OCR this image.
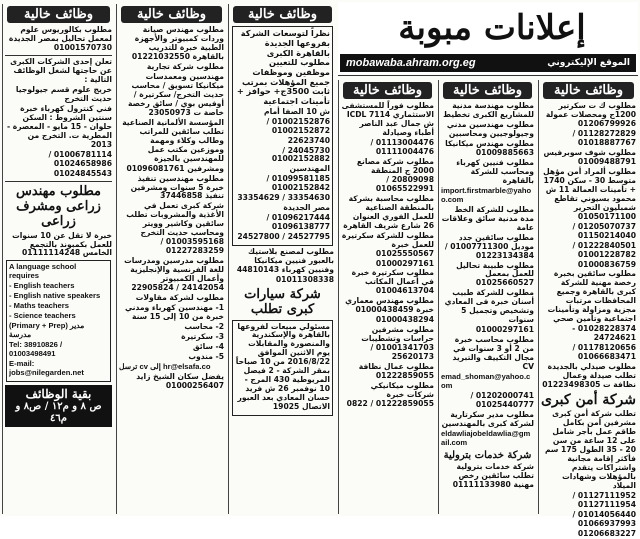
وظائف خالية

مطلوب بكالوريوس علوم لمعمل تحاليل بمصر الجديدة 01001570730

تعلن إحدى الشركات الكبرى عن حاجتها لشغل الوظائف التالية :

خريج علوم قسم جيولوجيا حديث التخرج

فني كنترول كهرباء خبرة سنتين الشروط : السكن حلوان - 15 مايو - المعصرة - المطرية ت. التخرج من 2013

01006781114 / 01024658986

01024845543

مطلوب مهندس زراعى ومشرف زراعى

خبرة لا تقل عن 10 سنوات للعمل بكمبوند بالتجمع الخامس 01111114248

A language school requires

- English teachers

- English native speakers

- Maths teachers

- Science teachers

(Primary + Prep) مدير مدرسة

Tel: 38910826 / 01003498491

E-mail: jobs@nilegarden.net

بقية الوظائف
ص ٨ و م١٢ / ص٨ و م٤٦
وظائف خالية

مطلوب مهندس صيانة وردات كمبيوتر والأجهزة الطبية خبرة للتدريب بالقاهرة 01221032550

مطلوب شركة تجارية

مهندسين ومعمدسات ميكانيكا تسويق / محاسب حديث التخرج/ سكرتيرة / أوفيس بوي / سائق رخصة خاصة ت 23050973

المؤسسة الألمانية الصناعية تطلب سائقين للمراتب وطالب وكلاء ومهمة وموزعين مكتب عمل للمهندسين بالجيزة

ومشرفين 01096081761

مطلوب مهندسين تنفيذ خبرة 5 سنوات ومشرفين تنفيذ 37446858

شركة كبرى تعمل في الأغذية والمشروبات تطلب سائقين وكاشير وويتر ومحاسب حديث التخرج 01003595168 / 01227283259

مطلوب مدرسين ومدرسات للغة الفرنسية والإنجليزية وأعمال الكمبيوتر 24142054 / 22905824

مطلوب لشركة مقاولات

1- مهندسين كهرباء ومدني خبرة من 10 إلى 15 سنة

2- محاسب

3- سكرتيرة

4- سائق

5- مندوب

ترسل cv إلى hr@elsafa.co

يفضل سكان الشيخ زايد 01000256407

وظائف خالية

نظراً لتوسعات الشركة بفروعها الجديدة بالقاهرة الكبرى مطلوب للتعيين موظفين وموظفات جميع المؤهلات بمرتب ثابت 3500ج+ حوافز + تأمينات اجتماعية

ش 10 الصفا أمام

01002152876 / 01002152872

22623740

24045730 / 01002152882

المهندسين

01099581185 / 01002152842

33354630 / 33354629

مصر الجديدة

01096217444 / 01096138777

24527795 / 24527800

مطلوب لمصنع بلاستيك بالعبور فنيين ميكانيكا وفنيين كهرباء 44810143

01011308338

شركة سيارات كبرى تطلب

مسئولي مبيعات لفروعها بالقاهرة والإسكندرية والمنصورة والمقابلات يوم الاثنين الموافق 2016/8/22 من 10 صباحاً بمقر الشركة - 2 فيصل المريوطية 430 المرج - 10 نوفمبر 26 ش فريد حسان المعادي بعد العبور الاتصال 19025

إعلانات مبوبة
الموقع الإليكتروني
mobawaba.ahram.org.eg
وظائف خالية

مطلوب فوراً للمستشفى الاستثماري ICDL 7114 ش جمال عبد الناصر أطباء وصيادلة

01113004476 / 01111004476

مطلوب شركة مصانع 2000 ج المنطقة 20809098 / 01065522991

مطلوب محاسبة بشركة بالمنطقة الصناعية للعمل الفوري العنوان 26 شارع شريف القاهرة

مطلوب للشركة سكرتيرة للعمل خبرة 01025550567

01000297161

مطلوب سكرتيرة خبرة في أعمال المكاتب 01004613704

مطلوب مهندس معماري خبرة 01000438459

01000438294

مطلوب مشرفين حراسات وتشطيبات 01001341703 / 25620173

مطلوب عمال نظافة 01222859055

مطلوب ميكانيكي شركات خبرة 01222859055 / 0822

وظائف خالية

مطلوب مهندسة مدنية للمشاريع الكبرى تخطيط

مطلوب مهندسين مدني وجيولوجيين ومحاسبين

مطلوب مهندس ميكانيكا 01009885663

مطلوب فنيين كهرباء ومحاسب للشركة بالقاهرة

import.firstmarble@yahoo.com

مطلوب للشركة الخط مدة مدنية سائق وعلاقات عامة

مطلوب سائقين جدد موديل 01007711300 / 01223134384

مطلوب طبيبة تحاليل للعمل بمعمل 01025660527

مطلوب للشركة طبيب أسنان خبرة فى المعادي وتشخيص وتجميل 5 سنوات

01000297161

مطلوب محاسب خبرة من 2 أو 3 سنوات في مجال التكييف والتبريد CV

emad_shoman@yahoo.com

01202000741 / 01025440777

مطلوب مدير سكرتارية لشركة كبرى بالمهندسين

eldawliajobeldawlia@gmail.com

شركة خدمات بترولية

شركة خدمات بترولية تطلب سائقين رخص مهنية 01111133980

وظائف خالية

مطلوب ك ت سكرتير 1200ج ومحصلات عمولة 01206799926

01128272829 / 01018887767

مطلوب شوف سوبرفيس 01009488791

مطلوب ألمراد أمن مؤهل متوسط 30 - سكن 1740 + تأمينات العمالة 11 ش محمود بسيوني تقاطع شمبليون التحرير 01050171100

01205070737 / 01150214040

01222840501 / 01001228782

01000836759

مطلوب سائقين بخبرة رخصة مهنية للشركة كبرى بالقاهرة وجميع المحافظات مرتبات مجزية ومزاولة وتأمينات اجتماعية وتأمين صحي

01028228374 - 24724621

01178120656 / 01066683471

مطلوب صيدلي بالجديدة تطلب صيدلة وعمال نظافة ت 01223498305

شركة أمن كبرى

تطلب شركة أمن كبرى مشرفين أمن بكامل طاقم عمل بأجر شامل على 12 ساعة من سن 20 - 35 الطول 175 سم فأكثر إقامة مجانية واشتراكات يتقدم بالمؤهلات وشهادات الميلاد

01127111952 / 01127111954

01014056440 / 01066937993

01206683227
